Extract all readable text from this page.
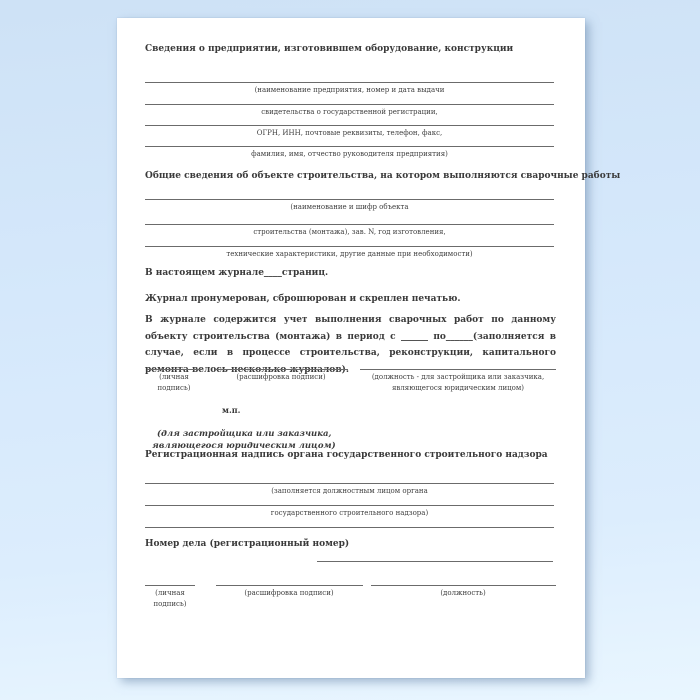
Сведения о предприятии, изготовившем оборудование, конструкции
(наименование предприятия, номер и дата выдачи
свидетельства о государственной регистрации,
ОГРН, ИНН, почтовые реквизиты, телефон, факс,
фамилия, имя, отчество руководителя предприятия)
Общие сведения об объекте строительства, на котором выполняются сварочные работы
(наименование и шифр объекта
строительства (монтажа), зав. N, год изготовления,
технические характеристики, другие данные при необходимости)
В настоящем журнале____страниц.
Журнал пронумерован, сброшюрован и скреплен печатью.
В журнале содержится учет выполнения сварочных работ по данному объекту строительства (монтажа) в период с ______ по______(заполняется в случае, если в процессе строительства, реконструкции, капитального ремонта велось несколько журналов).
(личная подпись)
(расшифровка подписи)	(должность - для застройщика или заказчика, являющегося юридическим лицом)
м.п.
(для застройщика или заказчика,
являющегося юридическим лицом)
Регистрационная надпись органа государственного строительного надзора
(заполняется должностным лицом органа
государственного строительного надзора)
Номер дела (регистрационный номер)
(личная подпись)
(расшифровка подписи)	(должность)
